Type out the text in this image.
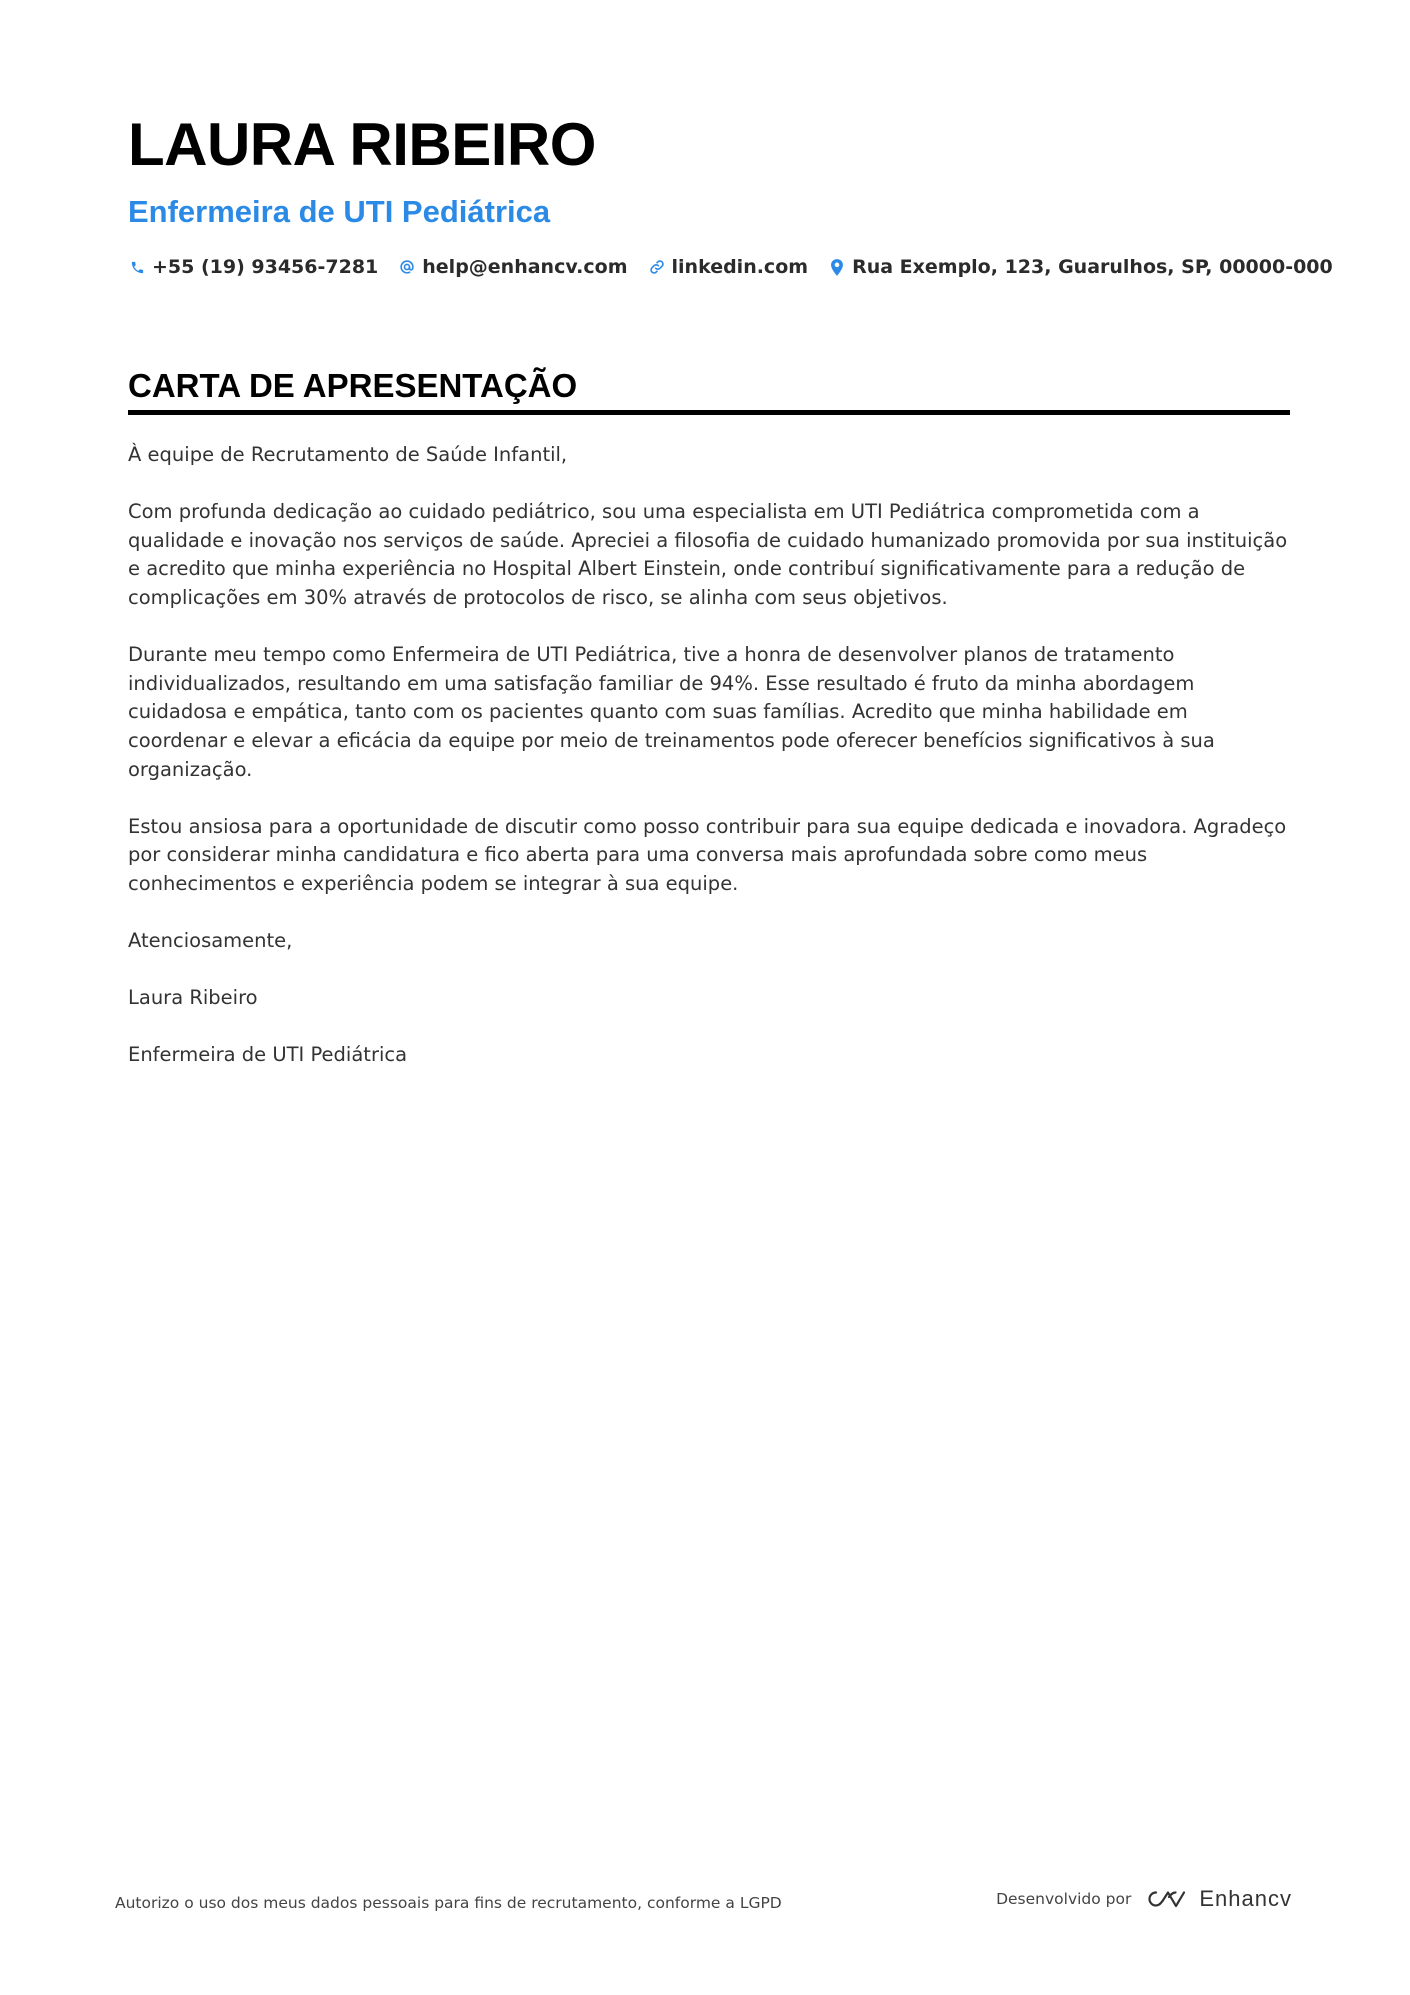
LAURA RIBEIRO
Enfermeira de UTI Pediátrica
+55 (19) 93456-7281 help@enhancv.com linkedin.com Rua Exemplo, 123, Guarulhos, SP, 00000-000
CARTA DE APRESENTAÇÃO

À equipe de Recrutamento de Saúde Infantil,

Com profunda dedicação ao cuidado pediátrico, sou uma especialista em UTI Pediátrica comprometida com a qualidade e inovação nos serviços de saúde. Apreciei a filosofia de cuidado humanizado promovida por sua instituição e acredito que minha experiência no Hospital Albert Einstein, onde contribuí significativamente para a redução de complicações em 30% através de protocolos de risco, se alinha com seus objetivos.

Durante meu tempo como Enfermeira de UTI Pediátrica, tive a honra de desenvolver planos de tratamento individualizados, resultando em uma satisfação familiar de 94%. Esse resultado é fruto da minha abordagem cuidadosa e empática, tanto com os pacientes quanto com suas famílias. Acredito que minha habilidade em coordenar e elevar a eficácia da equipe por meio de treinamentos pode oferecer benefícios significativos à sua organização.

Estou ansiosa para a oportunidade de discutir como posso contribuir para sua equipe dedicada e inovadora. Agradeço por considerar minha candidatura e fico aberta para uma conversa mais aprofundada sobre como meus conhecimentos e experiência podem se integrar à sua equipe.

Atenciosamente,

Laura Ribeiro

Enfermeira de UTI Pediátrica

Autorizo o uso dos meus dados pessoais para fins de recrutamento, conforme a LGPD	Desenvolvido por	Enhancv
